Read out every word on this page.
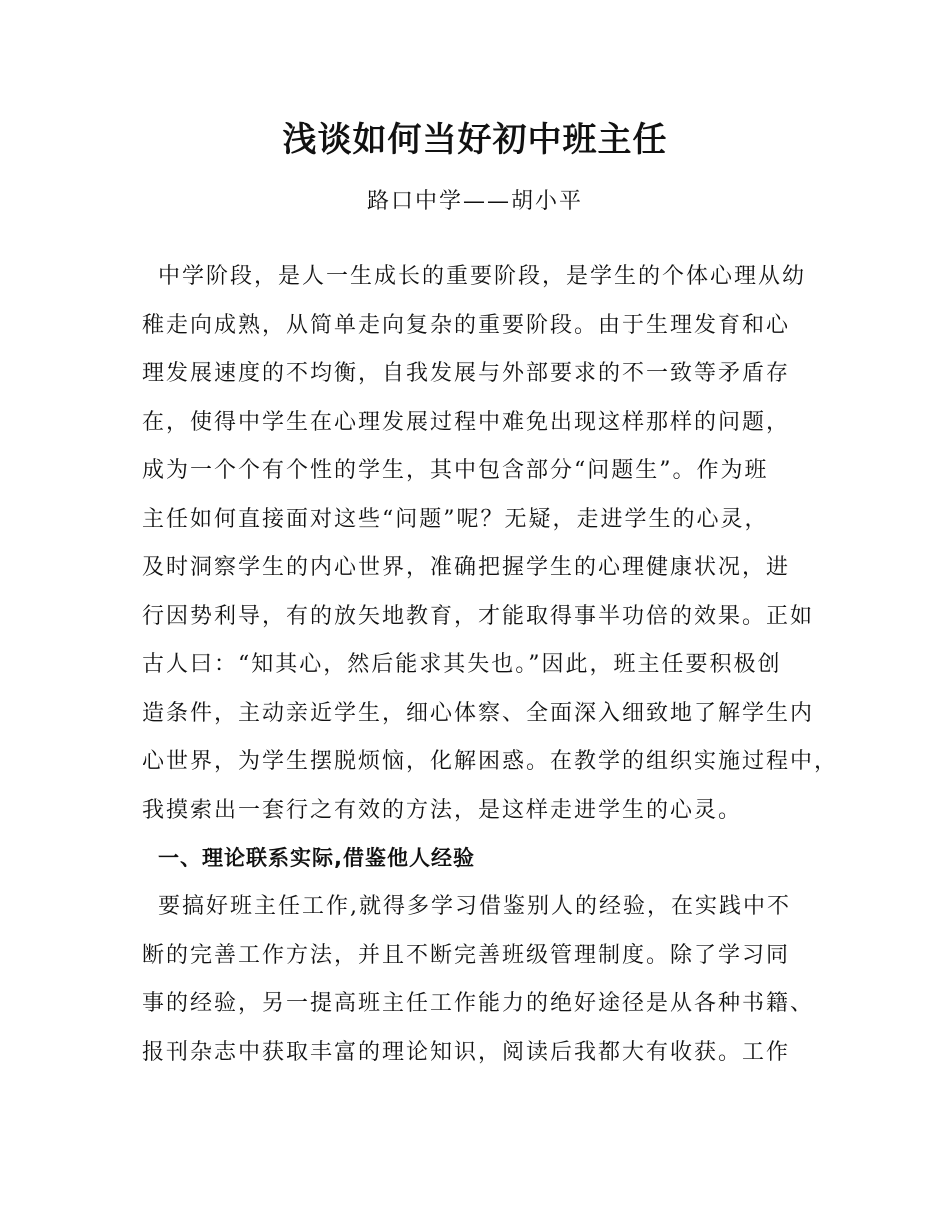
浅谈如何当好初中班主任
路口中学——胡小平
中学阶段，是人一生成长的重要阶段，是学生的个体心理从幼
稚走向成熟，从简单走向复杂的重要阶段。由于生理发育和心
理发展速度的不均衡，自我发展与外部要求的不一致等矛盾存
在，使得中学生在心理发展过程中难免出现这样那样的问题，
成为一个个有个性的学生，其中包含部分“问题生”。作为班
主任如何直接面对这些“问题”呢？无疑，走进学生的心灵，
及时洞察学生的内心世界，准确把握学生的心理健康状况，进
行因势利导，有的放矢地教育，才能取得事半功倍的效果。正如
古人曰：“知其心，然后能求其失也。”因此，班主任要积极创
造条件，主动亲近学生，细心体察、全面深入细致地了解学生内
心世界，为学生摆脱烦恼，化解困惑。在教学的组织实施过程中，
我摸索出一套行之有效的方法，是这样走进学生的心灵。
一、理论联系实际,借鉴他人经验
要搞好班主任工作,就得多学习借鉴别人的经验，在实践中不
断的完善工作方法，并且不断完善班级管理制度。除了学习同
事的经验，另一提高班主任工作能力的绝好途径是从各种书籍、
报刊杂志中获取丰富的理论知识，阅读后我都大有收获。工作
